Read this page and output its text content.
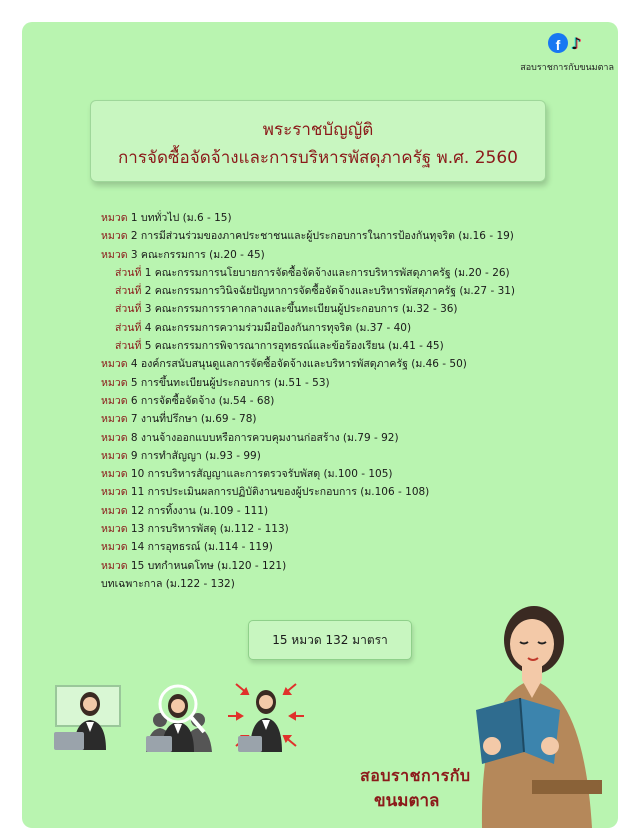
f ♪
สอบราชการกับขนมตาล
พระราชบัญญัติ
การจัดซื้อจัดจ้างและการบริหารพัสดุภาครัฐ พ.ศ. 2560
หมวด 1 บททั่วไป (ม.6 - 15)
หมวด 2 การมีส่วนร่วมของภาคประชาชนและผู้ประกอบการในการป้องกันทุจริต (ม.16 - 19)
หมวด 3 คณะกรรมการ (ม.20 - 45)
ส่วนที่ 1 คณะกรรมการนโยบายการจัดซื้อจัดจ้างและการบริหารพัสดุภาครัฐ (ม.20 - 26)
ส่วนที่ 2 คณะกรรมการวินิจฉัยปัญหาการจัดซื้อจัดจ้างและบริหารพัสดุภาครัฐ (ม.27 - 31)
ส่วนที่ 3 คณะกรรมการราคากลางและขึ้นทะเบียนผู้ประกอบการ (ม.32 - 36)
ส่วนที่ 4 คณะกรรมการความร่วมมือป้องกันการทุจริต (ม.37 - 40)
ส่วนที่ 5 คณะกรรมการพิจารณาการอุทธรณ์และข้อร้องเรียน (ม.41 - 45)
หมวด 4 องค์กรสนับสนุนดูแลการจัดซื้อจัดจ้างและบริหารพัสดุภาครัฐ (ม.46 - 50)
หมวด 5 การขึ้นทะเบียนผู้ประกอบการ (ม.51 - 53)
หมวด 6 การจัดซื้อจัดจ้าง (ม.54 - 68)
หมวด 7 งานที่ปรึกษา (ม.69 - 78)
หมวด 8 งานจ้างออกแบบหรือการควบคุมงานก่อสร้าง (ม.79 - 92)
หมวด 9 การทำสัญญา (ม.93 - 99)
หมวด 10 การบริหารสัญญาและการตรวจรับพัสดุ (ม.100 - 105)
หมวด 11 การประเมินผลการปฏิบัติงานของผู้ประกอบการ (ม.106 - 108)
หมวด 12 การทิ้งงาน (ม.109 - 111)
หมวด 13 การบริหารพัสดุ (ม.112 - 113)
หมวด 14 การอุทธรณ์ (ม.114 - 119)
หมวด 15 บทกำหนดโทษ (ม.120 - 121)
บทเฉพาะกาล (ม.122 - 132)
15 หมวด 132 มาตรา
สอบราชการกับ
ขนมตาล
